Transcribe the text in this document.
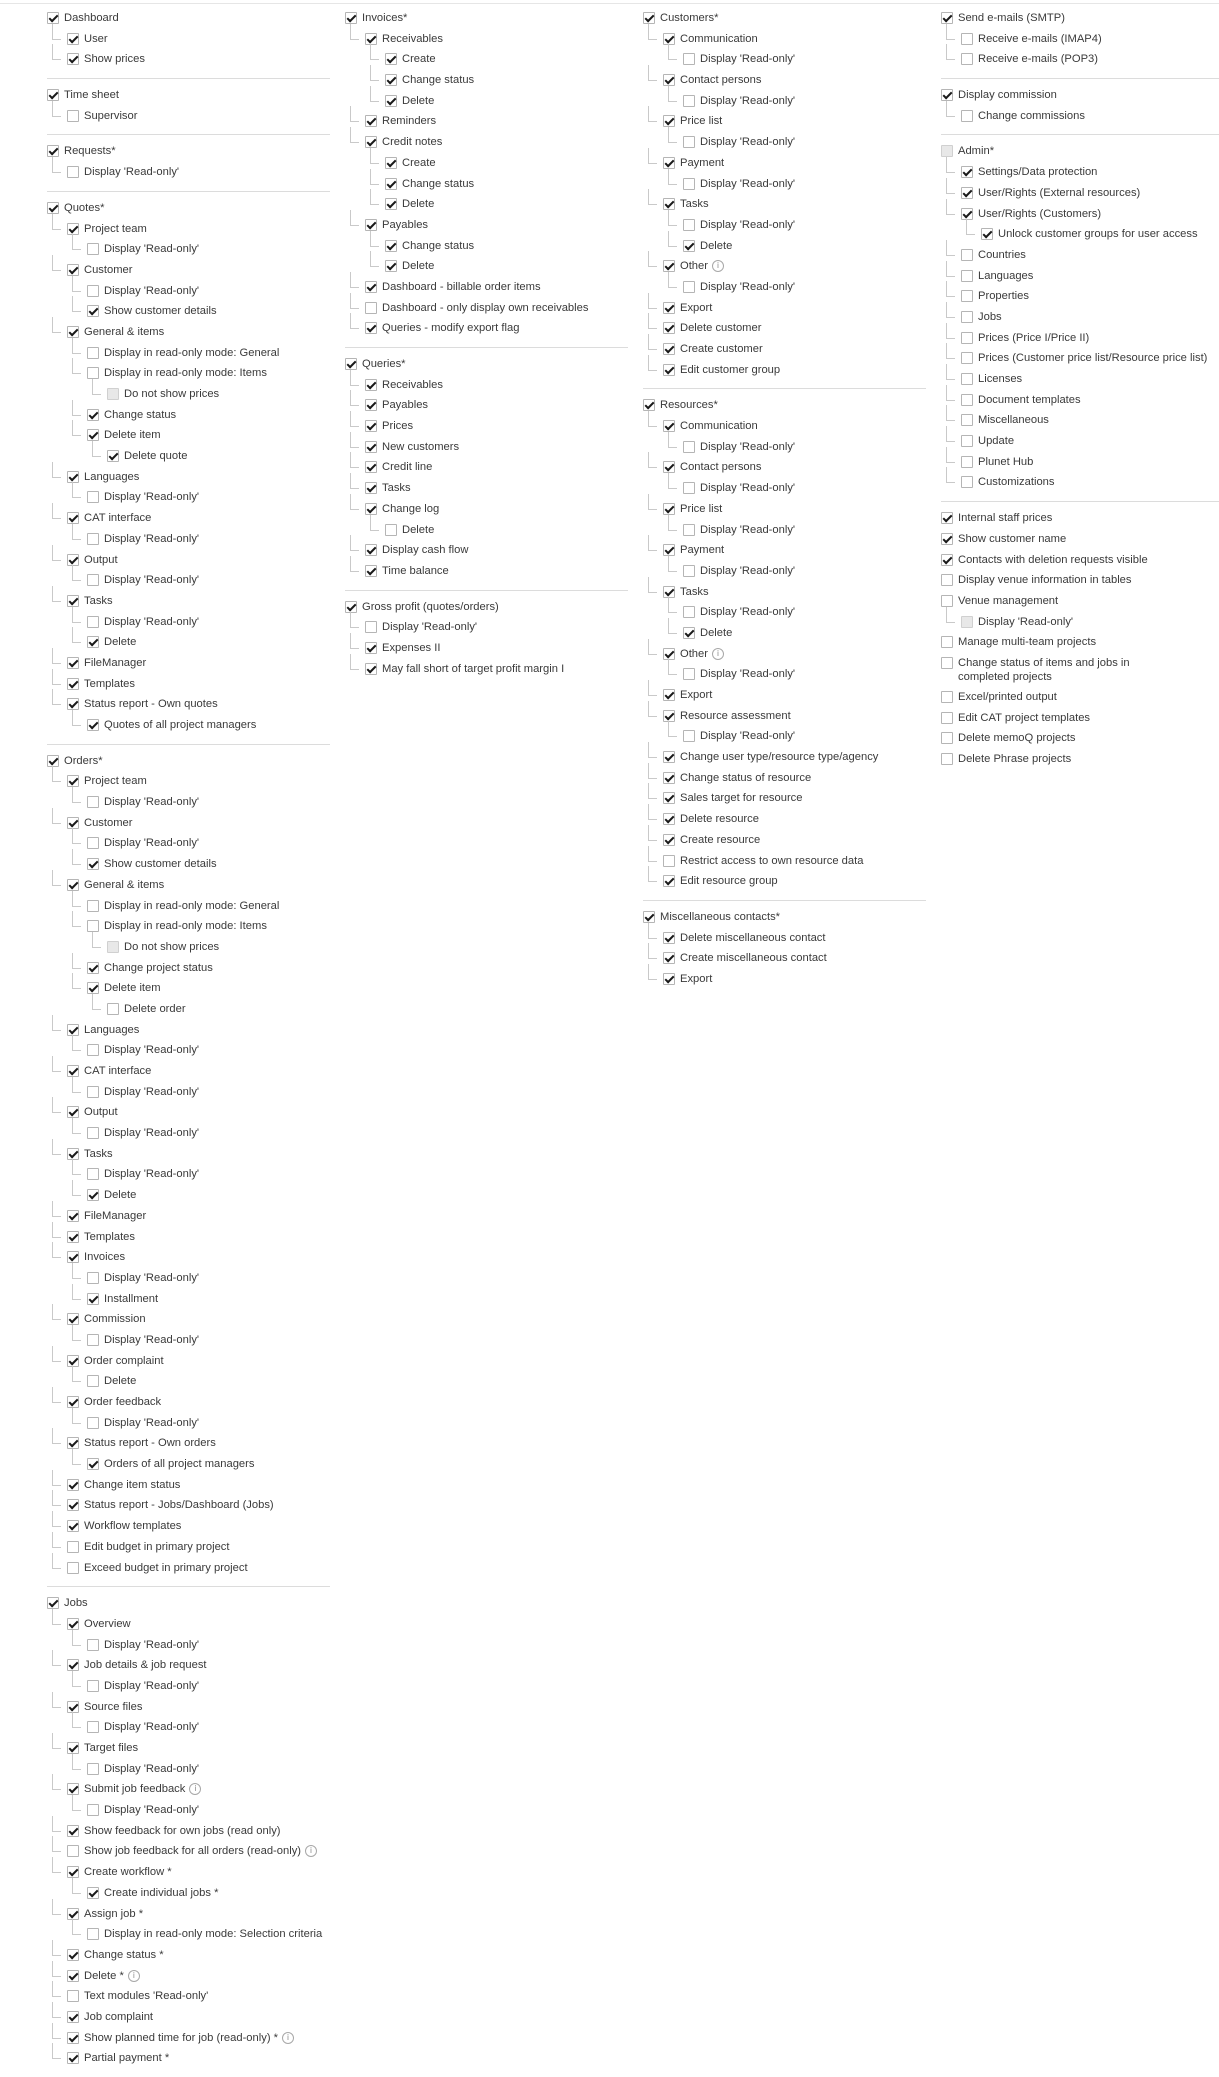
Dashboard
User
Show prices
Time sheet
Supervisor
Requests*
Display 'Read-only'
Quotes*
Project team
Display 'Read-only'
Customer
Display 'Read-only'
Show customer details
General & items
Display in read-only mode: General
Display in read-only mode: Items
Do not show prices
Change status
Delete item
Delete quote
Languages
Display 'Read-only'
CAT interface
Display 'Read-only'
Output
Display 'Read-only'
Tasks
Display 'Read-only'
Delete
FileManager
Templates
Status report - Own quotes
Quotes of all project managers
Orders*
Project team
Display 'Read-only'
Customer
Display 'Read-only'
Show customer details
General & items
Display in read-only mode: General
Display in read-only mode: Items
Do not show prices
Change project status
Delete item
Delete order
Languages
Display 'Read-only'
CAT interface
Display 'Read-only'
Output
Display 'Read-only'
Tasks
Display 'Read-only'
Delete
FileManager
Templates
Invoices
Display 'Read-only'
Installment
Commission
Display 'Read-only'
Order complaint
Delete
Order feedback
Display 'Read-only'
Status report - Own orders
Orders of all project managers
Change item status
Status report - Jobs/Dashboard (Jobs)
Workflow templates
Edit budget in primary project
Exceed budget in primary project
Jobs
Overview
Display 'Read-only'
Job details & job request
Display 'Read-only'
Source files
Display 'Read-only'
Target files
Display 'Read-only'
Submit job feedback i
Display 'Read-only'
Show feedback for own jobs (read only)
Show job feedback for all orders (read-only) i
Create workflow *
Create individual jobs *
Assign job *
Display in read-only mode: Selection criteria
Change status *
Delete * i
Text modules 'Read-only'
Job complaint
Show planned time for job (read-only) * i
Partial payment *
Invoices*
Receivables
Create
Change status
Delete
Reminders
Credit notes
Create
Change status
Delete
Payables
Change status
Delete
Dashboard - billable order items
Dashboard - only display own receivables
Queries - modify export flag
Queries*
Receivables
Payables
Prices
New customers
Credit line
Tasks
Change log
Delete
Display cash flow
Time balance
Gross profit (quotes/orders)
Display 'Read-only'
Expenses II
May fall short of target profit margin I
Customers*
Communication
Display 'Read-only'
Contact persons
Display 'Read-only'
Price list
Display 'Read-only'
Payment
Display 'Read-only'
Tasks
Display 'Read-only'
Delete
Other i
Display 'Read-only'
Export
Delete customer
Create customer
Edit customer group
Resources*
Communication
Display 'Read-only'
Contact persons
Display 'Read-only'
Price list
Display 'Read-only'
Payment
Display 'Read-only'
Tasks
Display 'Read-only'
Delete
Other i
Display 'Read-only'
Export
Resource assessment
Display 'Read-only'
Change user type/resource type/agency
Change status of resource
Sales target for resource
Delete resource
Create resource
Restrict access to own resource data
Edit resource group
Miscellaneous contacts*
Delete miscellaneous contact
Create miscellaneous contact
Export
Send e-mails (SMTP)
Receive e-mails (IMAP4)
Receive e-mails (POP3)
Display commission
Change commissions
Admin*
Settings/Data protection
User/Rights (External resources)
User/Rights (Customers)
Unlock customer groups for user access
Countries
Languages
Properties
Jobs
Prices (Price I/Price II)
Prices (Customer price list/Resource price list)
Licenses
Document templates
Miscellaneous
Update
Plunet Hub
Customizations
Internal staff prices
Show customer name
Contacts with deletion requests visible
Display venue information in tables
Venue management
Display 'Read-only'
Manage multi-team projects
Change status of items and jobs in completed projects
Excel/printed output
Edit CAT project templates
Delete memoQ projects
Delete Phrase projects
